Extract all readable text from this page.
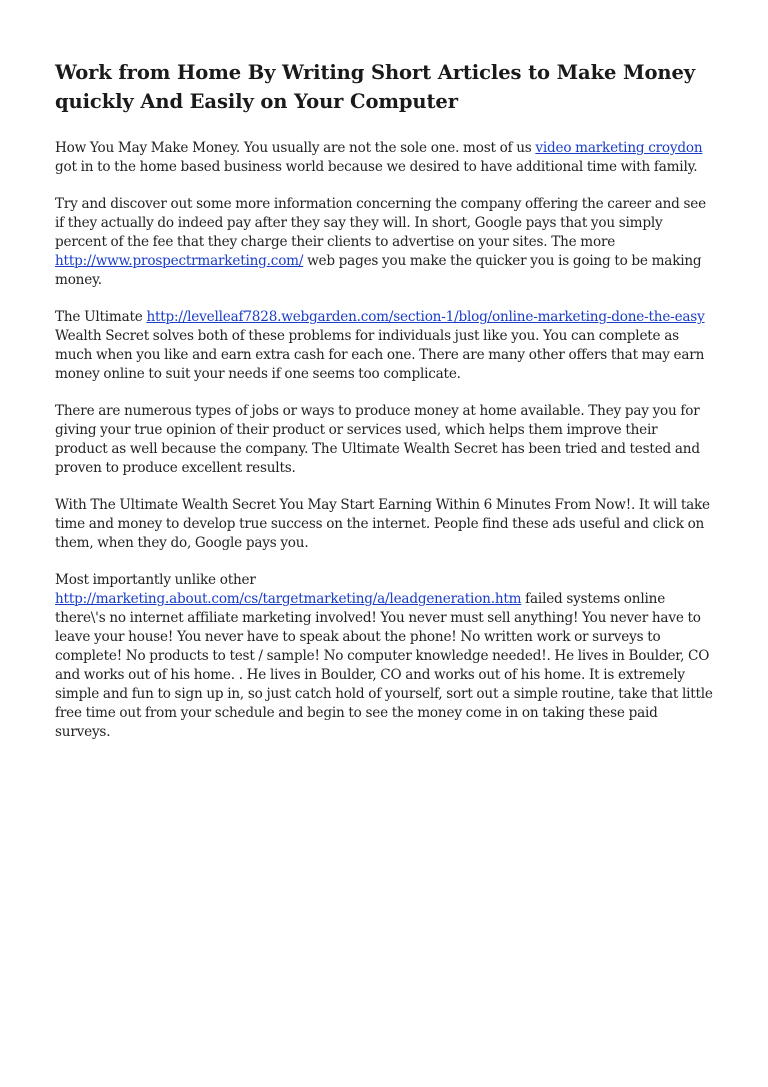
Work from Home By Writing Short Articles to Make Money quickly And Easily on Your Computer

How You May Make Money. You usually are not the sole one. most of us video marketing croydon got in to the home based business world because we desired to have additional time with family.

Try and discover out some more information concerning the company offering the career and see if they actually do indeed pay after they say they will. In short, Google pays that you simply percent of the fee that they charge their clients to advertise on your sites. The more http://www.prospectrmarketing.com/ web pages you make the quicker you is going to be making money.

The Ultimate http://levelleaf7828.webgarden.com/section-1/blog/online-marketing-done-the-easy Wealth Secret solves both of these problems for individuals just like you. You can complete as much when you like and earn extra cash for each one. There are many other offers that may earn money online to suit your needs if one seems too complicate.

There are numerous types of jobs or ways to produce money at home available. They pay you for giving your true opinion of their product or services used, which helps them improve their product as well because the company. The Ultimate Wealth Secret has been tried and tested and proven to produce excellent results.

With The Ultimate Wealth Secret You May Start Earning Within 6 Minutes From Now!. It will take time and money to develop true success on the internet. People find these ads useful and click on them, when they do, Google pays you.

Most importantly unlike other http://marketing.about.com/cs/targetmarketing/a/leadgeneration.htm failed systems online there\'s no internet affiliate marketing involved! You never must sell anything! You never have to leave your house! You never have to speak about the phone! No written work or surveys to complete! No products to test / sample! No computer knowledge needed!. He lives in Boulder, CO and works out of his home. . He lives in Boulder, CO and works out of his home. It is extremely simple and fun to sign up in, so just catch hold of yourself, sort out a simple routine, take that little free time out from your schedule and begin to see the money come in on taking these paid surveys.
